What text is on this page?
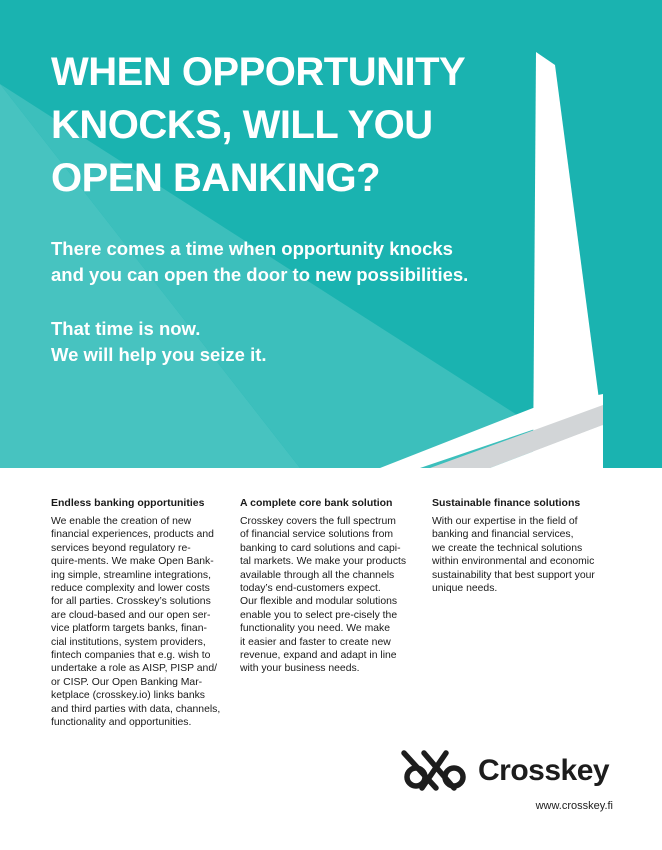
WHEN OPPORTUNITY
KNOCKS, WILL YOU
OPEN BANKING?

There comes a time when opportunity knocks
and you can open the door to new possibilities.

That time is now.
We will help you seize it.

Endless banking opportunities

We enable the creation of new
financial experiences, products and
services beyond regulatory re-
quire-ments. We make Open Bank-
ing simple, streamline integrations,
reduce complexity and lower costs
for all parties. Crosskey’s solutions
are cloud-based and our open ser-
vice platform targets banks, finan-
cial institutions, system providers,
fintech companies that e.g. wish to
undertake a role as AISP, PISP and/
or CISP. Our Open Banking Mar-
ketplace (crosskey.io) links banks
and third parties with data, channels,
functionality and opportunities.

A complete core bank solution

Crosskey covers the full spectrum
of financial service solutions from
banking to card solutions and capi-
tal markets. We make your products
available through all the channels
today’s end-customers expect.
Our flexible and modular solutions
enable you to select pre-cisely the
functionality you need. We make
it easier and faster to create new
revenue, expand and adapt in line
with your business needs.

Sustainable finance solutions

With our expertise in the field of
banking and financial services,
we create the technical solutions
within environmental and economic
sustainability that best support your
unique needs.

Crosskey
www.crosskey.fi
